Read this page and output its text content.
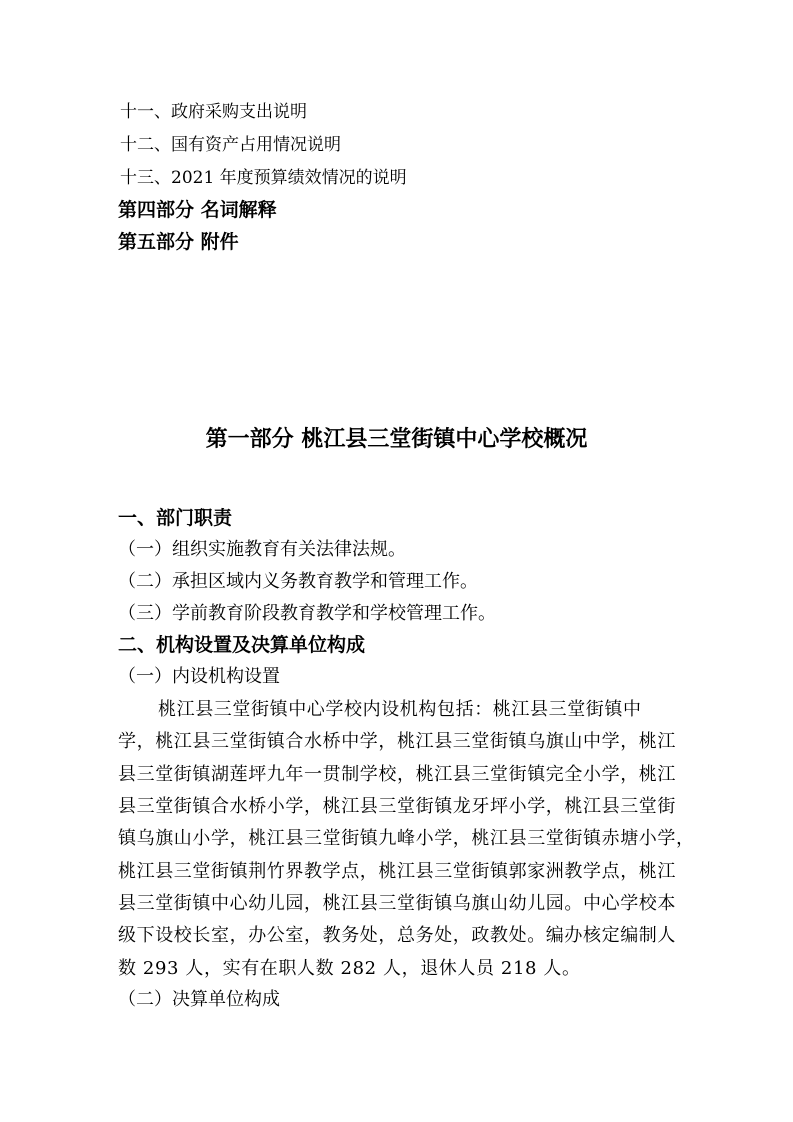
十一、政府采购支出说明
十二、国有资产占用情况说明
十三、2021 年度预算绩效情况的说明
第四部分 名词解释
第五部分 附件
第一部分 桃江县三堂街镇中心学校概况
一、部门职责
（一）组织实施教育有关法律法规。
（二）承担区域内义务教育教学和管理工作。
（三）学前教育阶段教育教学和学校管理工作。
二、机构设置及决算单位构成
（一）内设机构设置
桃江县三堂街镇中心学校内设机构包括：桃江县三堂街镇中
学，桃江县三堂街镇合水桥中学，桃江县三堂街镇乌旗山中学，桃江
县三堂街镇湖莲坪九年一贯制学校，桃江县三堂街镇完全小学，桃江
县三堂街镇合水桥小学，桃江县三堂街镇龙牙坪小学，桃江县三堂街
镇乌旗山小学，桃江县三堂街镇九峰小学，桃江县三堂街镇赤塘小学，
桃江县三堂街镇荆竹界教学点，桃江县三堂街镇郭家洲教学点，桃江
县三堂街镇中心幼儿园，桃江县三堂街镇乌旗山幼儿园。中心学校本
级下设校长室，办公室，教务处，总务处，政教处。编办核定编制人
数 293 人，实有在职人数 282 人，退休人员 218 人。
（二）决算单位构成
